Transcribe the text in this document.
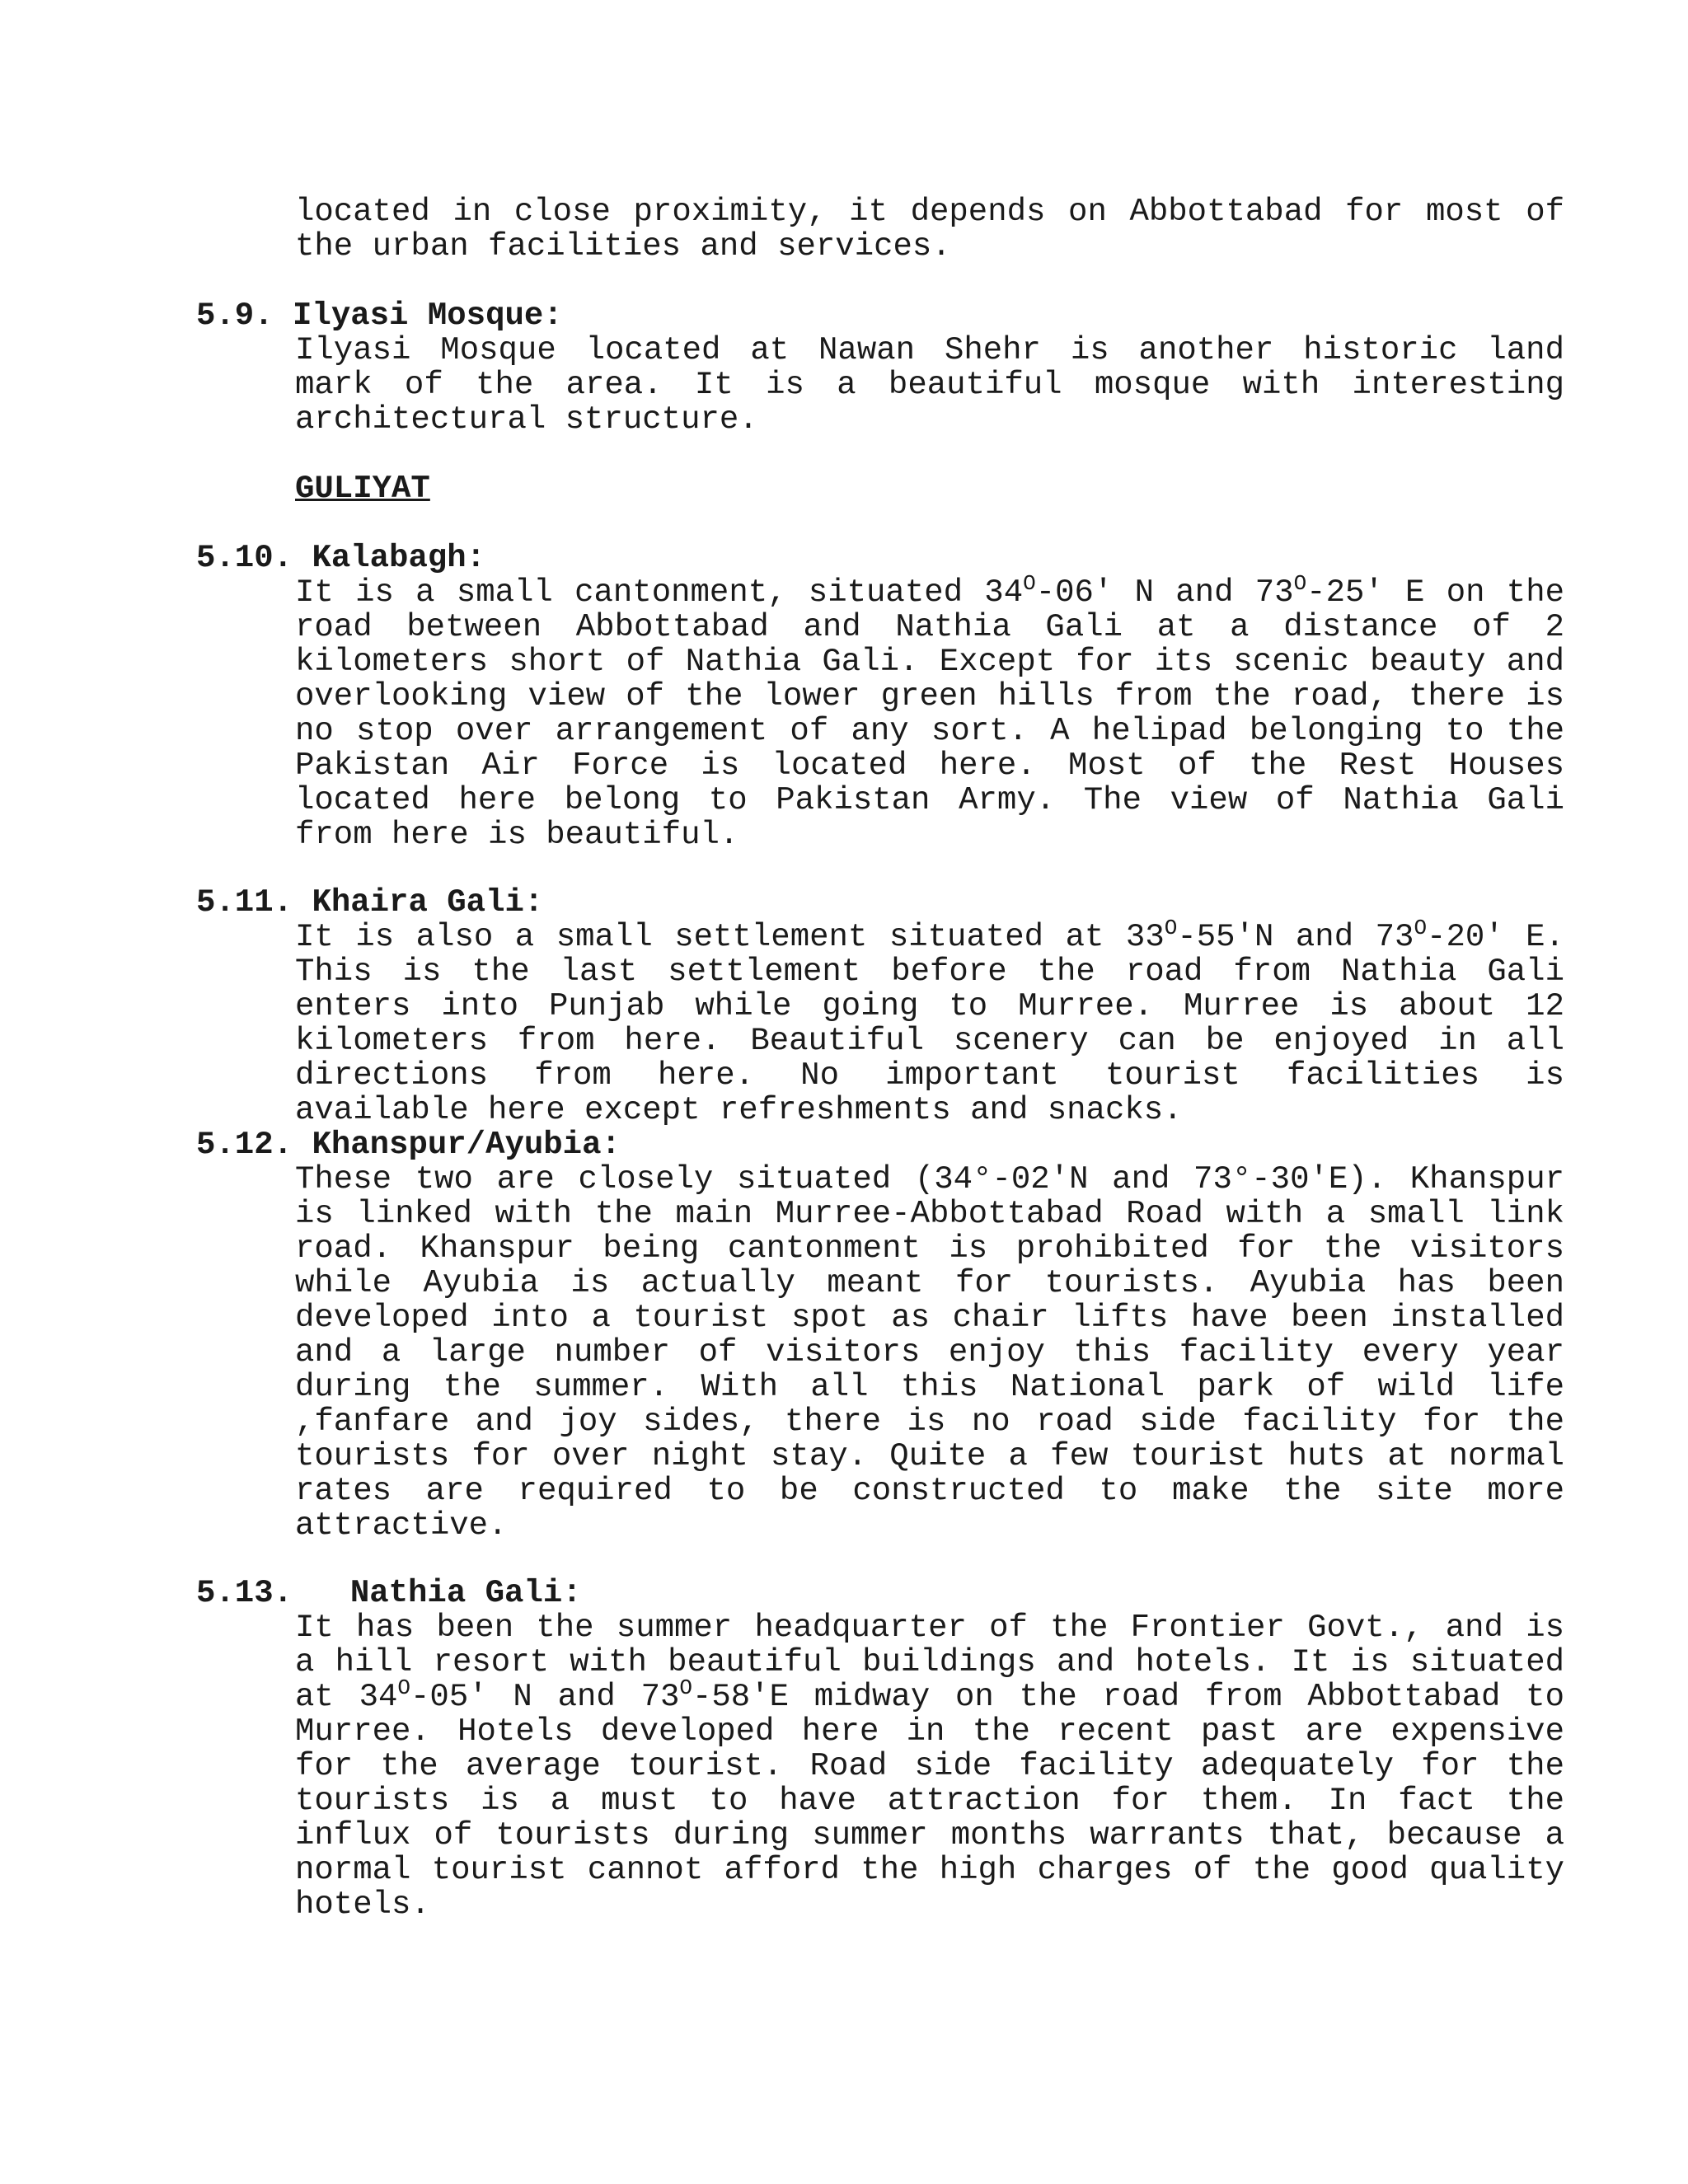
located in close proximity, it depends on Abbottabad for most of the urban facilities and services.

5.9. Ilyasi Mosque:

Ilyasi Mosque located at Nawan Shehr is another historic land mark of the area. It is a beautiful mosque with interesting architectural structure.

GULIYAT

5.10. Kalabagh:

It is a small cantonment, situated $34^O-06'$ N and $73^O-25'$ E on the road between Abbottabad and Nathia Gali at a distance of 2 kilometers short of Nathia Gali. Except for its scenic beauty and overlooking view of the lower green hills from the road, there is no stop over arrangement of any sort. A helipad belonging to the Pakistan Air Force is located here. Most of the Rest Houses located here belong to Pakistan Army. The view of Nathia Gali from here is beautiful.

5.11. Khaira Gali:

It is also a small settlement situated at $33^O-55'N$ and $73^O-20'$ E. This is the last settlement before the road from Nathia Gali enters into Punjab while going to Murree. Murree is about 12 kilometers from here. Beautiful scenery can be enjoyed in all directions from here. No important tourist facilities is available here except refreshments and snacks.

5.12. Khanspur/Ayubia:

These two are closely situated (34°-02'N and 73°-30'E). Khanspur is linked with the main Murree-Abbottabad Road with a small link road. Khanspur being cantonment is prohibited for the visitors while Ayubia is actually meant for tourists. Ayubia has been developed into a tourist spot as chair lifts have been installed and a large number of visitors enjoy this facility every year during the summer. With all this National park of wild life ,fanfare and joy sides, there is no road side facility for the tourists for over night stay. Quite a few tourist huts at normal rates are required to be constructed to make the site more attractive.

5.13. Nathia Gali:

It has been the summer headquarter of the Frontier Govt., and is a hill resort with beautiful buildings and hotels. It is situated at $34^O-05'$ N and $73^O-58'E$ midway on the road from Abbottabad to Murree. Hotels developed here in the recent past are expensive for the average tourist. Road side facility adequately for the tourists is a must to have attraction for them. In fact the influx of tourists during summer months warrants that, because a normal tourist cannot afford the high charges of the good quality hotels.
